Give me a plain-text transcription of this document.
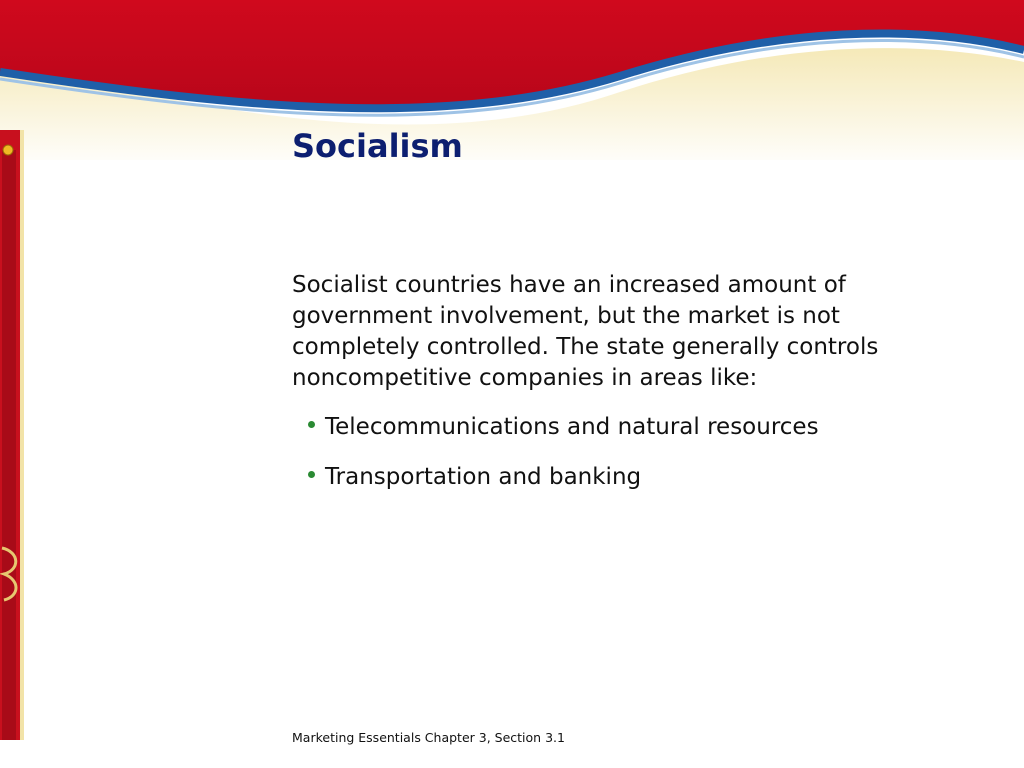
Socialism

Socialist countries have an increased amount of government involvement, but the market is not completely controlled. The state generally controls noncompetitive companies in areas like:

Telecommunications and natural resources
Transportation and banking

Marketing Essentials Chapter 3, Section 3.1
